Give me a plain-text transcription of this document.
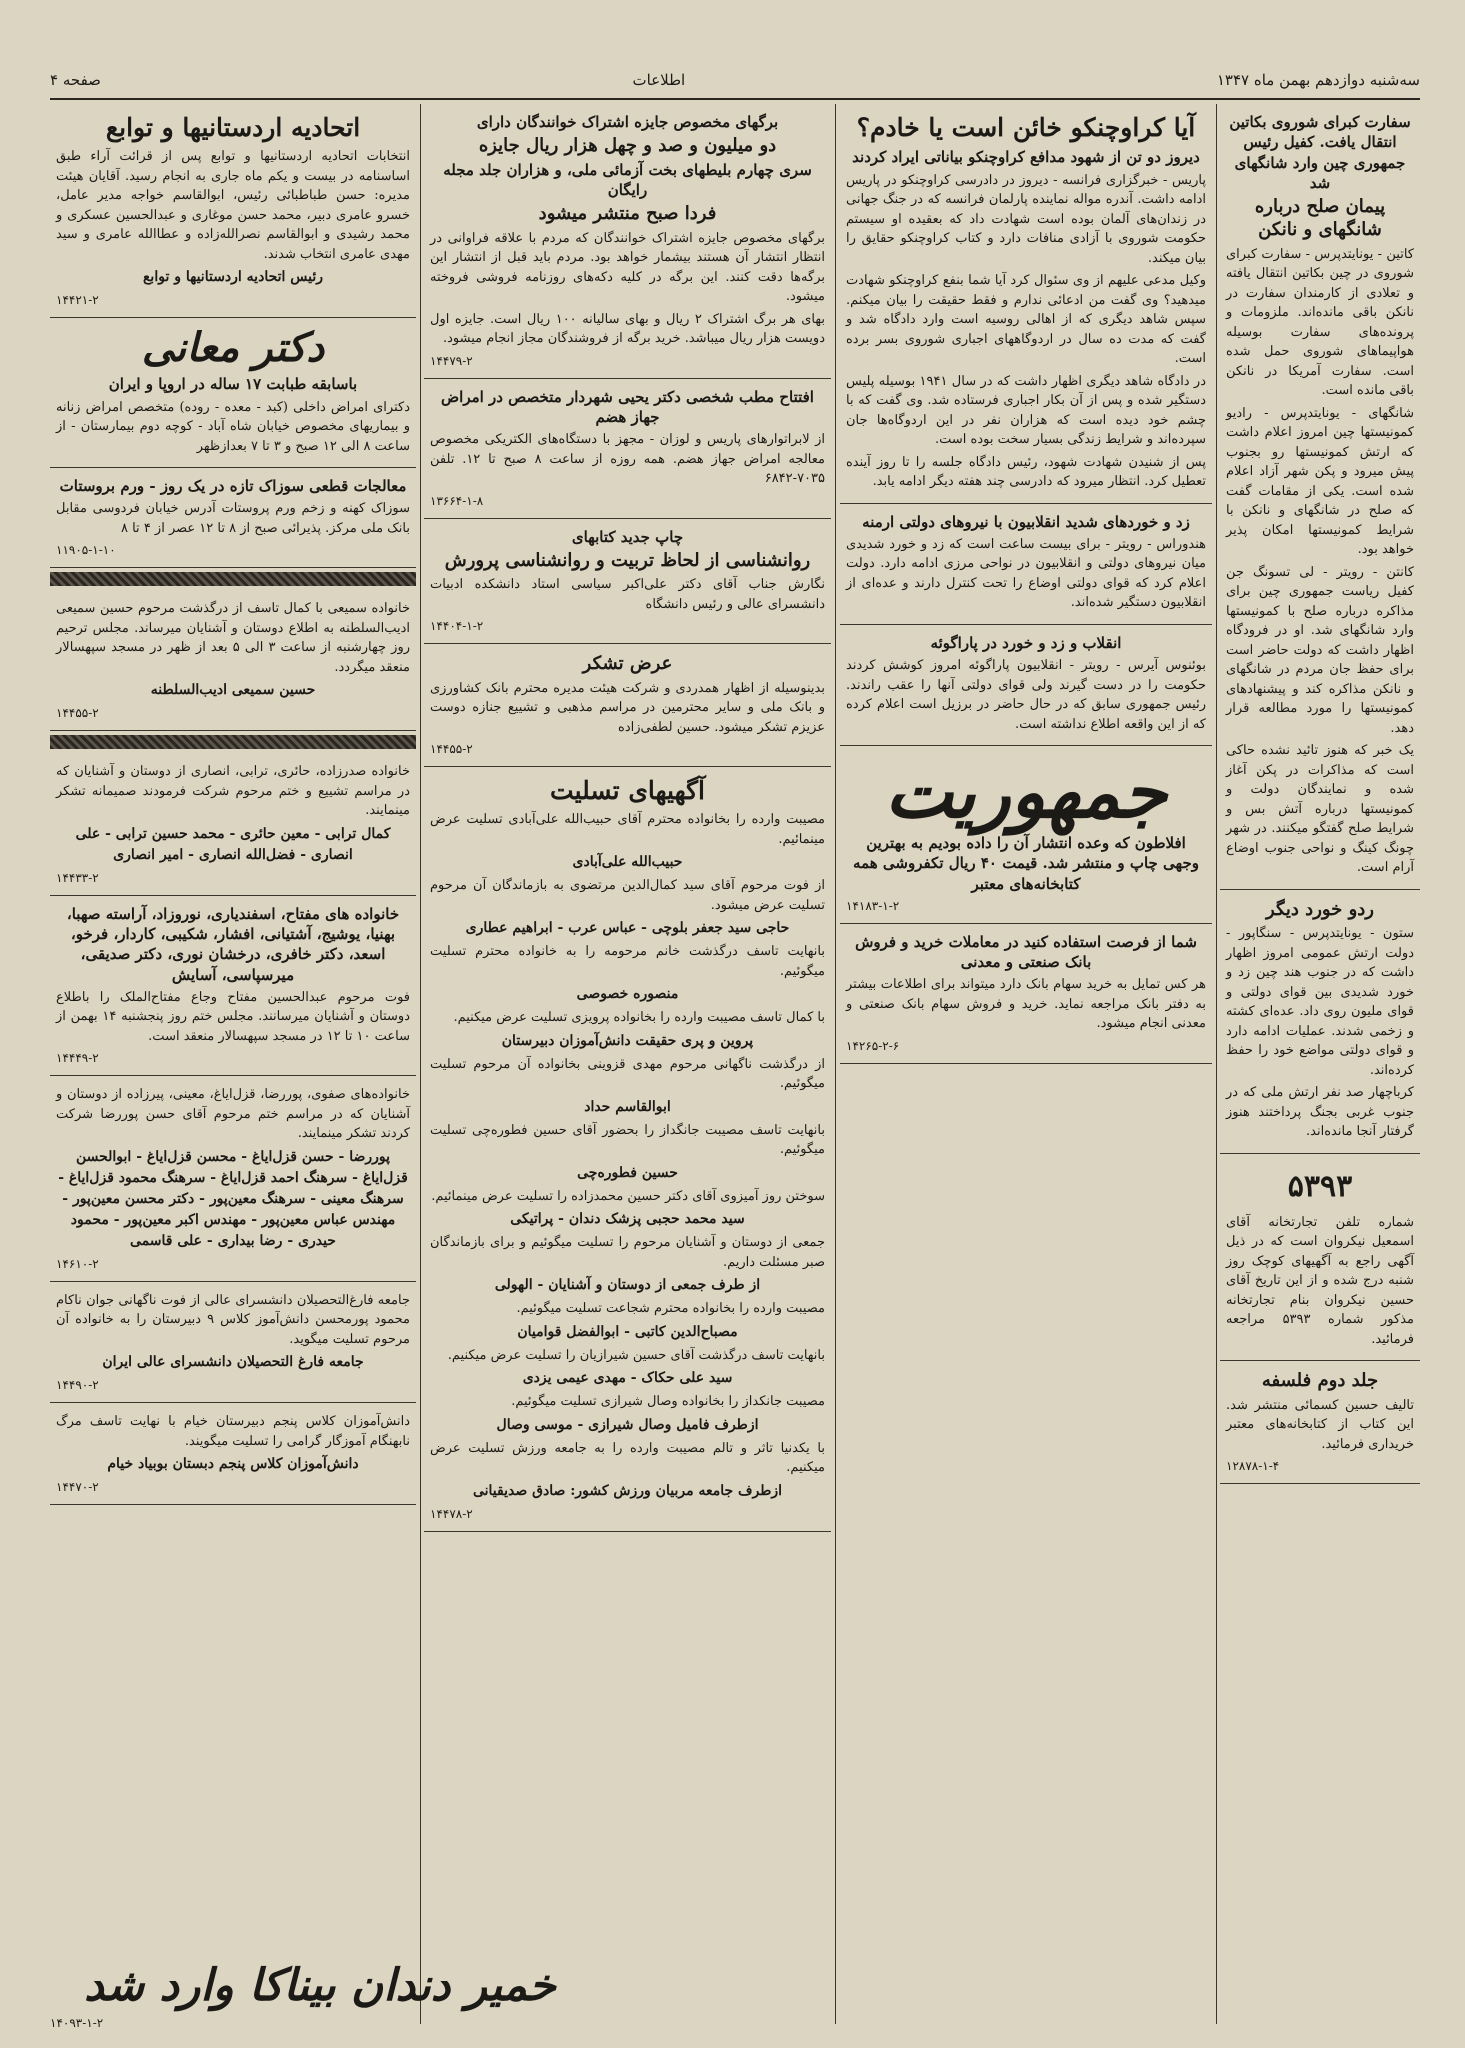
سه‌شنبه دوازدهم بهمن ماه ۱۳۴۷
اطلاعات
صفحه ۴
سفارت کبرای شوروی بکاتین انتقال یافت. کفیل رئیس جمهوری چین وارد شانگهای شد
پیمان صلح درباره شانگهای و نانکن
کاتین - یونایتدپرس - سفارت کبرای شوروی در چین بکاتین انتقال یافته و تعلادی از کارمندان سفارت در نانکن باقی مانده‌اند. ملزومات و پرونده‌های سفارت بوسیله هواپیماهای شوروی حمل شده است. سفارت آمریکا در نانکن باقی مانده است.
شانگهای - یونایتدپرس - رادیو کمونیستها چین امروز اعلام داشت که ارتش کمونیستها رو بجنوب پیش میرود و پکن شهر آزاد اعلام شده است. یکی از مقامات گفت که صلح در شانگهای و نانکن با شرایط کمونیستها امکان پذیر خواهد بود.
کانتن - رویتر - لی تسونگ جن کفیل ریاست جمهوری چین برای مذاکره درباره صلح با کمونیستها وارد شانگهای شد. او در فرودگاه اظهار داشت که دولت حاضر است برای حفظ جان مردم در شانگهای و نانکن مذاکره کند و پیشنهادهای کمونیستها را مورد مطالعه قرار دهد.
یک خبر که هنوز تائید نشده حاکی است که مذاکرات در پکن آغاز شده و نمایندگان دولت و کمونیستها درباره آتش بس و شرایط صلح گفتگو میکنند. در شهر چونگ کینگ و نواحی جنوب اوضاع آرام است.
ردو خورد دیگر
ستون - یونایتدپرس - سنگاپور - دولت ارتش عمومی امروز اظهار داشت که در جنوب هند چین زد و خورد شدیدی بین قوای دولتی و قوای ملیون روی داد. عده‌ای کشته و زخمی شدند. عملیات ادامه دارد و قوای دولتی مواضع خود را حفظ کرده‌اند.
کرباچهار صد نفر ارتش ملی که در جنوب غربی بجنگ پرداختند هنوز گرفتار آنجا مانده‌اند.
۵۳۹۳
شماره تلفن تجارتخانه آقای اسمعیل نیکروان است که در ذیل آگهی راجع به آگهیهای کوچک روز شنبه درج شده و از این تاریخ آقای حسین نیکروان بنام تجارتخانه مذکور شماره ۵۳۹۳ مراجعه فرمائید.
جلد دوم فلسفه
تالیف حسین کسمائی منتشر شد. این کتاب از کتابخانه‌های معتبر خریداری فرمائید.
۱۲۸۷۸-۱-۴
آیا کراوچنکو خائن است یا خادم؟
دیروز دو تن از شهود مدافع کراوچنکو بیاناتی ایراد کردند
پاریس - خبرگزاری فرانسه - دیروز در دادرسی کراوچنکو در پاریس ادامه داشت. آندره مواله نماینده پارلمان فرانسه که در جنگ جهانی در زندان‌های آلمان بوده است شهادت داد که بعقیده او سیستم حکومت شوروی با آزادی منافات دارد و کتاب کراوچنکو حقایق را بیان میکند.
وکیل مدعی علیهم از وی سئوال کرد آیا شما بنفع کراوچنکو شهادت میدهید؟ وی گفت من ادعائی ندارم و فقط حقیقت را بیان میکنم. سپس شاهد دیگری که از اهالی روسیه است وارد دادگاه شد و گفت که مدت ده سال در اردوگاههای اجباری شوروی بسر برده است.
در دادگاه شاهد دیگری اظهار داشت که در سال ۱۹۴۱ بوسیله پلیس دستگیر شده و پس از آن بکار اجباری فرستاده شد. وی گفت که با چشم خود دیده است که هزاران نفر در این اردوگاه‌ها جان سپرده‌اند و شرایط زندگی بسیار سخت بوده است.
پس از شنیدن شهادت شهود، رئیس دادگاه جلسه را تا روز آینده تعطیل کرد. انتظار میرود که دادرسی چند هفته دیگر ادامه یابد.
زد و خوردهای شدید انقلابیون با نیروهای دولتی ارمنه
هندوراس - رویتر - برای بیست ساعت است که زد و خورد شدیدی میان نیروهای دولتی و انقلابیون در نواحی مرزی ادامه دارد. دولت اعلام کرد که قوای دولتی اوضاع را تحت کنترل دارند و عده‌ای از انقلابیون دستگیر شده‌اند.
انقلاب و زد و خورد در پاراگوئه
بوئنوس آیرس - رویتر - انقلابیون پاراگوئه امروز کوشش کردند حکومت را در دست گیرند ولی قوای دولتی آنها را عقب راندند. رئیس جمهوری سابق که در حال حاضر در برزیل است اعلام کرده که از این واقعه اطلاع نداشته است.
جمهوریت
افلاطون که وعده انتشار آن را داده بودیم به بهترین وجهی چاپ و منتشر شد. قیمت ۴۰ ریال تکفروشی همه کتابخانه‌های معتبر
۱۴۱۸۳-۱-۲
شما از فرصت استفاده کنید در معاملات خرید و فروش بانک صنعتی و معدنی
هر کس تمایل به خرید سهام بانک دارد میتواند برای اطلاعات بیشتر به دفتر بانک مراجعه نماید. خرید و فروش سهام بانک صنعتی و معدنی انجام میشود.
۱۴۲۶۵-۲-۶
برگهای مخصوص جایزه اشتراک خوانندگان دارای
دو میلیون و صد و چهل هزار ریال جایزه
سری چهارم بلیطهای بخت آزمائی ملی، و هزاران جلد مجله رایگان
فردا صبح منتشر میشود
برگهای مخصوص جایزه اشتراک خوانندگان که مردم با علاقه فراوانی در انتظار انتشار آن هستند بیشمار خواهد بود. مردم باید قبل از انتشار این برگه‌ها دقت کنند. این برگه در کلیه دکه‌های روزنامه فروشی فروخته میشود.
بهای هر برگ اشتراک ۲ ریال و بهای سالیانه ۱۰۰ ریال است. جایزه اول دویست هزار ریال میباشد. خرید برگه از فروشندگان مجاز انجام میشود.
۱۴۴۷۹-۲
افتتاح مطب شخصی دکتر یحیی شهردار متخصص در امراض جهاز هضم
از لابراتوارهای پاریس و لوزان - مجهز با دستگاه‌های الکتریکی مخصوص معالجه امراض جهاز هضم. همه روزه از ساعت ۸ صبح تا ۱۲. تلفن ۷۰۳۵-۶۸۴۲
۱۳۶۶۴-۱-۸
چاپ جدید کتابهای
روانشناسی از لحاظ تربیت و روانشناسی پرورش
نگارش جناب آقای دکتر علی‌اکبر سیاسی استاد دانشکده ادبیات دانشسرای عالی و رئیس دانشگاه
۱۴۴۰۴-۱-۲
عرض تشکر
بدینوسیله از اظهار همدردی و شرکت هیئت مدیره محترم بانک کشاورزی و بانک ملی و سایر محترمین در مراسم مذهبی و تشییع جنازه دوست عزیزم تشکر میشود. حسین لطفی‌زاده
۱۴۴۵۵-۲
آگهیهای تسلیت
مصیبت وارده را بخانواده محترم آقای حبیب‌الله علی‌آبادی تسلیت عرض مینمائیم.
حبیب‌الله علی‌آبادی
از فوت مرحوم آقای سید کمال‌الدین مرتضوی به بازماندگان آن مرحوم تسلیت عرض میشود.
حاجی سید جعفر بلوچی - عباس عرب - ابراهیم عطاری
بانهایت تاسف درگذشت خانم مرحومه را به خانواده محترم تسلیت میگوئیم.
منصوره خصوصی
با کمال تاسف مصیبت وارده را بخانواده پرویزی تسلیت عرض میکنیم.
پروین و پری حقیقت دانش‌آموزان دبیرستان
از درگذشت ناگهانی مرحوم مهدی قزوینی بخانواده آن مرحوم تسلیت میگوئیم.
ابوالقاسم حداد
بانهایت تاسف مصیبت جانگداز را بحضور آقای حسین فطوره‌چی تسلیت میگوئیم.
حسین فطوره‌چی
سوختن روز آمیزوی آقای دکتر حسین محمدزاده را تسلیت عرض مینمائیم.
سید محمد حجبی پزشک دندان - پراتیکی
جمعی از دوستان و آشنایان مرحوم را تسلیت میگوئیم و برای بازماندگان صبر مسئلت داریم.
از طرف جمعی از دوستان و آشنایان - الهولی
مصیبت وارده را بخانواده محترم شجاعت تسلیت میگوئیم.
مصباح‌الدین کاتبی - ابوالفضل قوامیان
بانهایت تاسف درگذشت آقای حسین شیرازیان را تسلیت عرض میکنیم.
سید علی حکاک - مهدی عیمی یزدی
مصیبت جانکداز را بخانواده وصال شیرازی تسلیت میگوئیم.
ازطرف فامیل وصال شیرازی - موسی وصال
با یکدنیا تاثر و تالم مصیبت وارده را به جامعه ورزش تسلیت عرض میکنیم.
ازطرف جامعه مربیان ورزش کشور: صادق صدیقیانی
۱۴۴۷۸-۲
اتحادیه اردستانیها و توابع
انتخابات اتحادیه اردستانیها و توابع پس از قرائت آراء طبق اساسنامه در بیست و یکم ماه جاری به انجام رسید. آقایان هیئت مدیره: حسن طباطبائی رئیس، ابوالقاسم خواجه مدیر عامل، خسرو عامری دبیر، محمد حسن موغاری و عبدالحسین عسکری و محمد رشیدی و ابوالقاسم نصرالله‌زاده و عطاالله عامری و سید مهدی عامری انتخاب شدند.
رئیس اتحادیه اردستانیها و توابع
۱۴۴۲۱-۲
دکتر معانی
باسابقه طبابت ۱۷ ساله در اروپا و ایران
دکترای امراض داخلی (کبد - معده - روده) متخصص امراض زنانه و بیماریهای مخصوص خیابان شاه آباد - کوچه دوم بیمارستان - از ساعت ۸ الی ۱۲ صبح و ۳ تا ۷ بعدازظهر
معالجات قطعی سوزاک تازه در یک روز - ورم بروستات
سوزاک کهنه و زخم ورم پروستات آدرس خیابان فردوسی مقابل بانک ملی مرکز. پذیرائی صبح از ۸ تا ۱۲ عصر از ۴ تا ۸
۱۱۹۰۵-۱-۱۰
خانواده سمیعی با کمال تاسف از درگذشت مرحوم حسین سمیعی ادیب‌السلطنه به اطلاع دوستان و آشنایان میرساند. مجلس ترحیم روز چهارشنبه از ساعت ۳ الی ۵ بعد از ظهر در مسجد سپهسالار منعقد میگردد.
حسین سمیعی ادیب‌السلطنه
۱۴۴۵۵-۲
خانواده صدرزاده، حائری، ترابی، انصاری از دوستان و آشنایان که در مراسم تشییع و ختم مرحوم شرکت فرمودند صمیمانه تشکر مینمایند.
کمال ترابی - معین حائری - محمد حسین ترابی - علی انصاری - فضل‌الله انصاری - امیر انصاری
۱۴۴۳۳-۲
خانواده های مفتاح، اسفندیاری، نوروزاد، آراسته صهبا، بهنیا، یوشیج، آشتیانی، افشار، شکیبی، کاردار، فرخو، اسعد، دکتر خافری، درخشان نوری، دکتر صدیقی، میرسپاسی، آسایش
فوت مرحوم عبدالحسین مفتاح وجاع مفتاح‌الملک را باطلاع دوستان و آشنایان میرسانند. مجلس ختم روز پنجشنبه ۱۴ بهمن از ساعت ۱۰ تا ۱۲ در مسجد سپهسالار منعقد است.
۱۴۴۴۹-۲
خانواده‌های صفوی، پوررضا، قزل‌ایاغ، معینی، پیرزاده از دوستان و آشنایان که در مراسم ختم مرحوم آقای حسن پوررضا شرکت کردند تشکر مینمایند.
پوررضا - حسن قزل‌ایاغ - محسن قزل‌ایاغ - ابوالحسن قزل‌ایاغ - سرهنگ احمد قزل‌ایاغ - سرهنگ محمود قزل‌ایاغ - سرهنگ معینی - سرهنگ معین‌پور - دکتر محسن معین‌پور - مهندس عباس معین‌پور - مهندس اکبر معین‌پور - محمود حیدری - رضا بیداری - علی قاسمی
۱۴۶۱۰-۲
جامعه فارغ‌التحصیلان دانشسرای عالی از فوت ناگهانی جوان ناکام محمود پورمحسن دانش‌آموز کلاس ۹ دبیرستان را به خانواده آن مرحوم تسلیت میگوید.
جامعه فارغ التحصیلان دانشسرای عالی ایران
۱۴۴۹۰-۲
دانش‌آموزان کلاس پنجم دبیرستان خیام با نهایت تاسف مرگ نابهنگام آموزگار گرامی را تسلیت میگویند.
دانش‌آموزان کلاس پنجم دبستان بوبیاد خیام
۱۴۴۷۰-۲
خمیر دندان بیناکا وارد شد
۱۴۰۹۳-۱-۲
